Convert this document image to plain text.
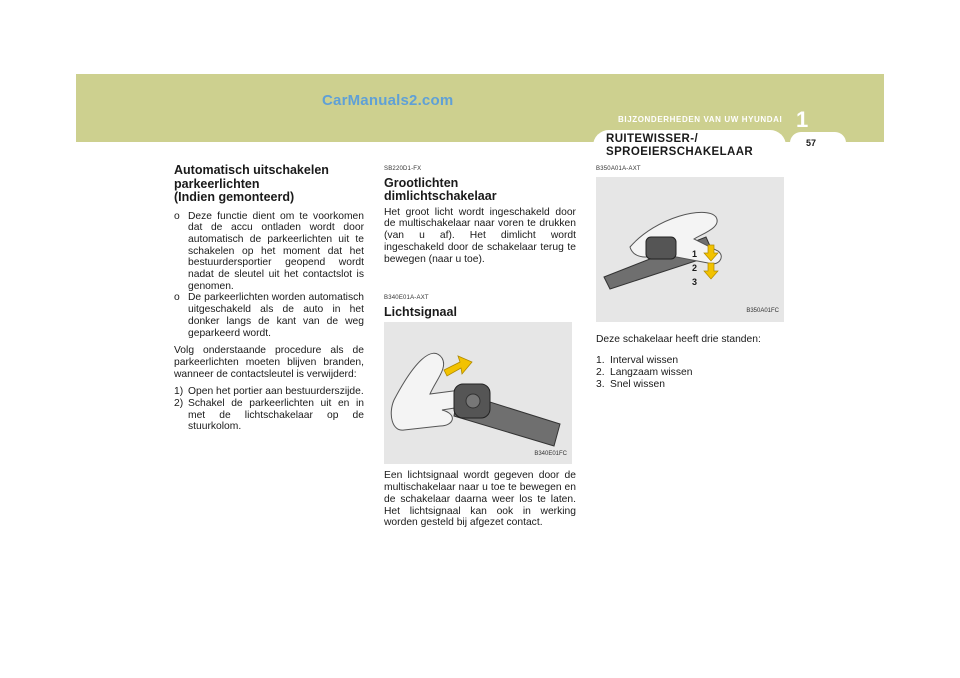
CarManuals2.com
BIJZONDERHEDEN VAN UW HYUNDAI 1
57
RUITEWISSER-/
SPROEIERSCHAKELAAR
Automatisch uitschakelen
parkeerlichten
(Indien gemonteerd)
o Deze functie dient om te voorkomen dat de accu ontladen wordt door automatisch de parkeerlichten uit te schakelen op het moment dat het bestuurdersportier geopend wordt nadat de sleutel uit het contactslot is genomen.
o De parkeerlichten worden automatisch uitgeschakeld als de auto in het donker langs de kant van de weg geparkeerd wordt.
Volg onderstaande procedure als de parkeerlichten moeten blijven branden, wanneer de contactsleutel is verwijderd:
1) Open het portier aan bestuurderszijde.
2) Schakel de parkeerlichten uit en in met de lichtschakelaar op de stuurkolom.
SB220D1-FX
Grootlichten
dimlichtschakelaar
Het groot licht wordt ingeschakeld door de multischakelaar naar voren te drukken (van u af). Het dimlicht wordt ingeschakeld door de schakelaar terug te bewegen (naar u toe).
B340E01A-AXT
Lichtsignaal
B340E01FC
Een lichtsignaal wordt gegeven door de multischakelaar naar u toe te bewegen en de schakelaar daarna weer los te laten. Het lichtsignaal kan ook in werking worden gesteld bij afgezet contact.
B350A01A-AXT
1
2
3
B350A01FC
Deze schakelaar heeft drie standen:
1. Interval wissen
2. Langzaam wissen
3. Snel wissen
